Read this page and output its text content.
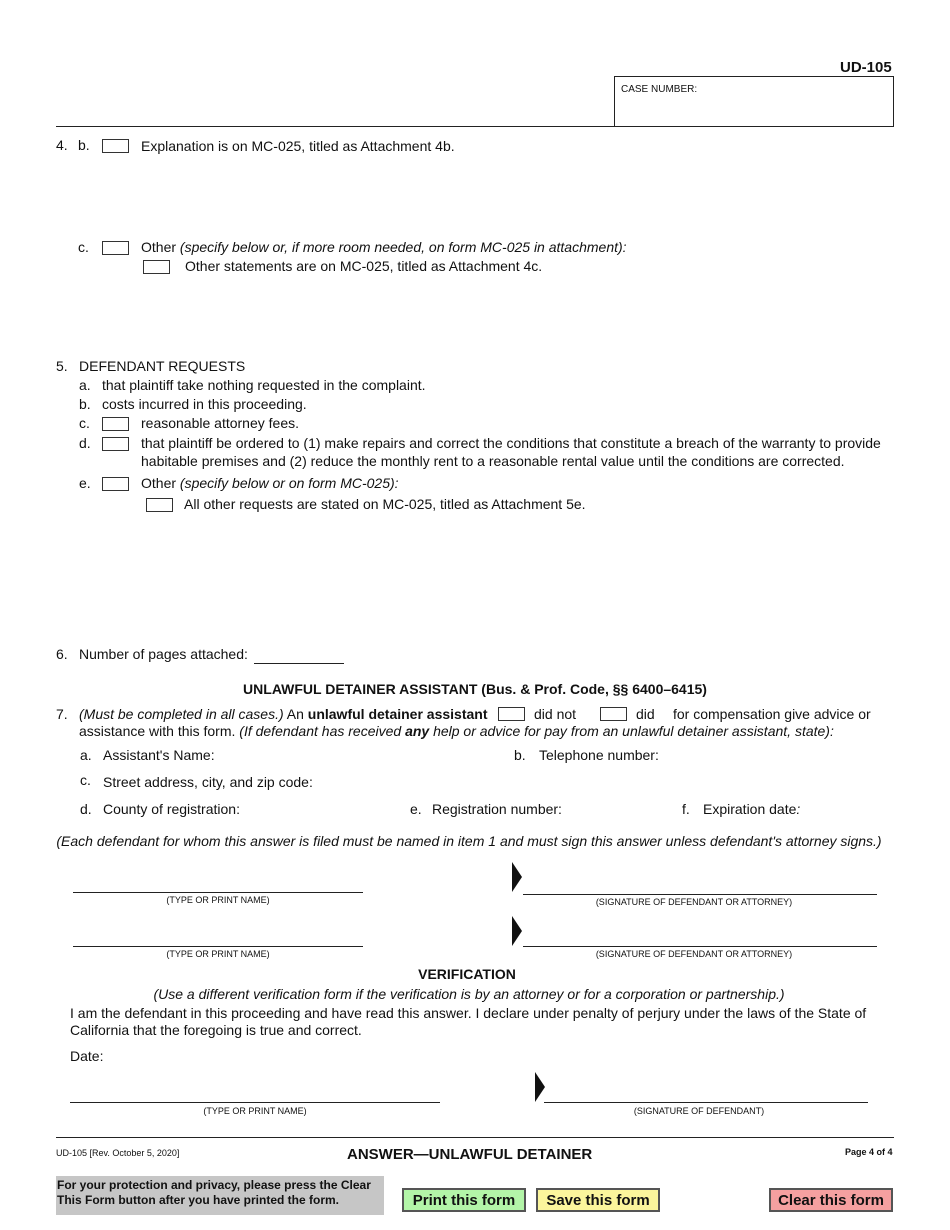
UD-105
CASE NUMBER:
4. b.	Explanation is on MC-025, titled as Attachment 4b.
c.	Other (specify below or, if more room needed, on form MC-025 in attachment):
Other statements are on MC-025, titled as Attachment 4c.
5. DEFENDANT REQUESTS
a. that plaintiff take nothing requested in the complaint.
b. costs incurred in this proceeding.
c.	reasonable attorney fees.
d.	that plaintiff be ordered to (1) make repairs and correct the conditions that constitute a breach of the warranty to provide
habitable premises and (2) reduce the monthly rent to a reasonable rental value until the conditions are corrected.
e.	Other (specify below or on form MC-025):
All other requests are stated on MC-025, titled as Attachment 5e.
6. Number of pages attached:
UNLAWFUL DETAINER ASSISTANT (Bus. & Prof. Code, §§ 6400–6415)
7. (Must be completed in all cases.) An unlawful detainer assistant	did not	did for compensation give advice or
assistance with this form. (If defendant has received any help or advice for pay from an unlawful detainer assistant, state):
a. Assistant's Name:	b. Telephone number:
c. Street address, city, and zip code:
d. County of registration:	e. Registration number:	f. Expiration date:
(Each defendant for whom this answer is filed must be named in item 1 and must sign this answer unless defendant's attorney signs.)
(TYPE OR PRINT NAME)	(SIGNATURE OF DEFENDANT OR ATTORNEY)
(TYPE OR PRINT NAME)	(SIGNATURE OF DEFENDANT OR ATTORNEY)
VERIFICATION
(Use a different verification form if the verification is by an attorney or for a corporation or partnership.)
I am the defendant in this proceeding and have read this answer. I declare under penalty of perjury under the laws of the State of
California that the foregoing is true and correct.
Date:
(TYPE OR PRINT NAME)	(SIGNATURE OF DEFENDANT)
UD-105 [Rev. October 5, 2020]	ANSWER—UNLAWFUL DETAINER	Page 4 of 4
For your protection and privacy, please press the Clear
This Form button after you have printed the form.	Print this form	Save this form	Clear this form
